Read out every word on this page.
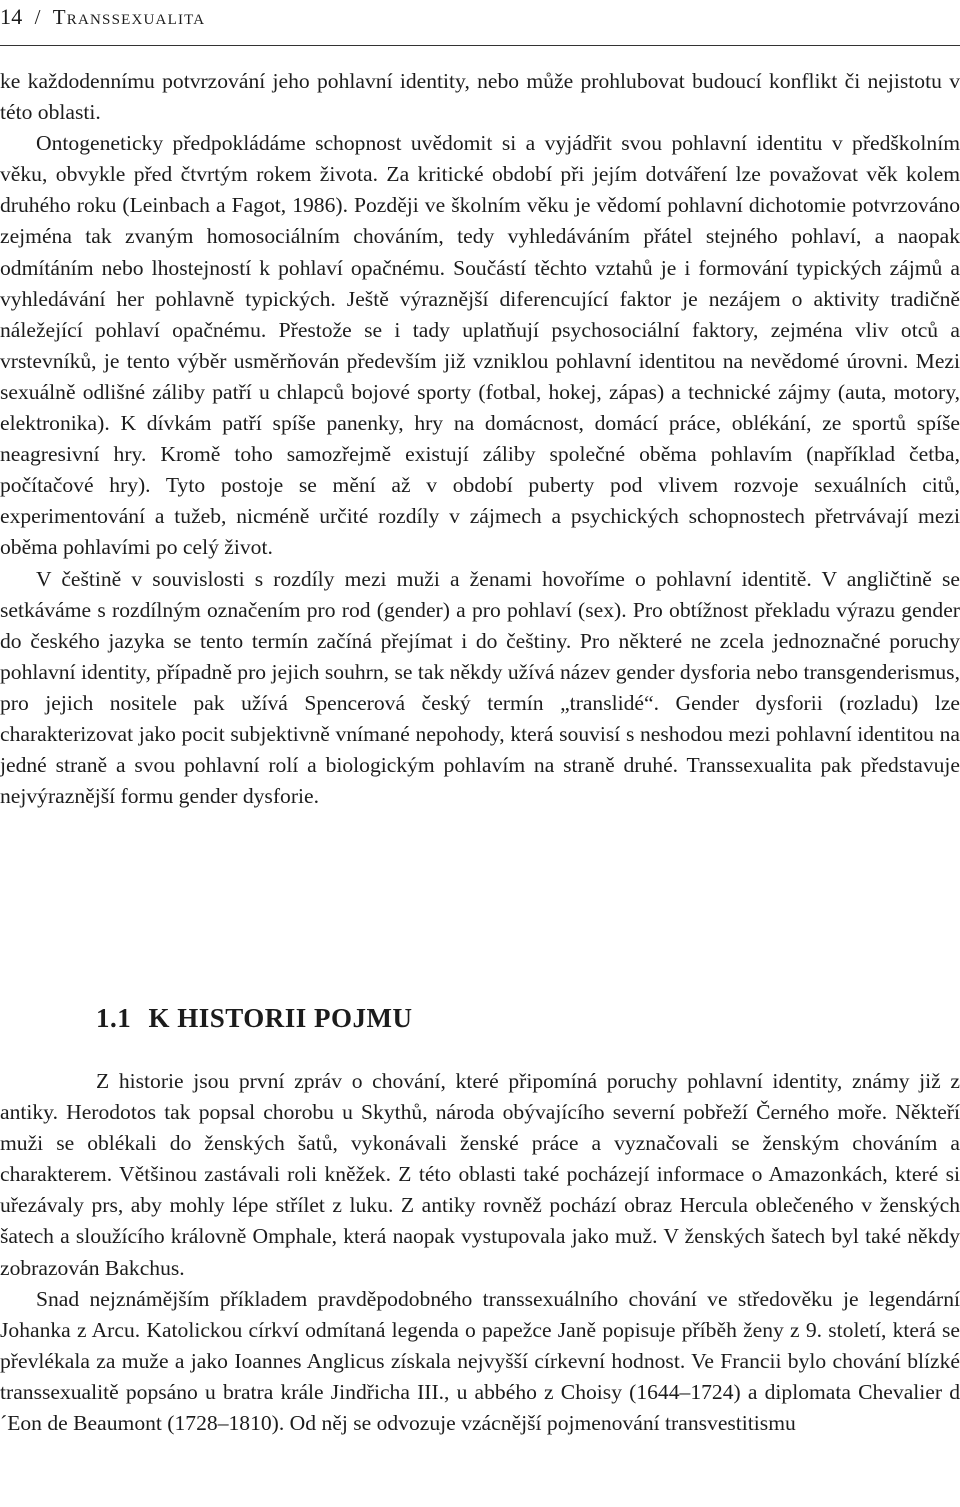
14 / Transsexualita

ke každodennímu potvrzování jeho pohlavní identity, nebo může prohlubovat budoucí konflikt či nejistotu v této oblasti.

Ontogeneticky předpokládáme schopnost uvědomit si a vyjádřit svou pohlavní identitu v předškolním věku, obvykle před čtvrtým rokem života. Za kritické období při jejím dotváření lze považovat věk kolem druhého roku (Leinbach a Fagot, 1986). Později ve školním věku je vědomí pohlavní dichotomie potvrzováno zejména tak zvaným homosociálním chováním, tedy vyhledáváním přátel stejného pohlaví, a naopak odmítáním nebo lhostejností k pohlaví opačnému. Součástí těchto vztahů je i formování typických zájmů a vyhledávání her pohlavně typických. Ještě výraznější diferencující faktor je nezájem o aktivity tradičně náležející pohlaví opačnému. Přestože se i tady uplatňují psychosociální faktory, zejména vliv otců a vrstevníků, je tento výběr usměrňován především již vzniklou pohlavní identitou na nevědomé úrovni. Mezi sexuálně odlišné záliby patří u chlapců bojové sporty (fotbal, hokej, zápas) a technické zájmy (auta, motory, elektronika). K dívkám patří spíše panenky, hry na domácnost, domácí práce, oblékání, ze sportů spíše neagresivní hry. Kromě toho samozřejmě existují záliby společné oběma pohlavím (například četba, počítačové hry). Tyto postoje se mění až v období puberty pod vlivem rozvoje sexuálních citů, experimentování a tužeb, nicméně určité rozdíly v zájmech a psychických schopnostech přetrvávají mezi oběma pohlavími po celý život.

V češtině v souvislosti s rozdíly mezi muži a ženami hovoříme o pohlavní identitě. V angličtině se setkáváme s rozdílným označením pro rod (gender) a pro pohlaví (sex). Pro obtížnost překladu výrazu gender do českého jazyka se tento termín začíná přejímat i do češtiny. Pro některé ne zcela jednoznačné poruchy pohlavní identity, případně pro jejich souhrn, se tak někdy užívá název gender dysforia nebo transgenderismus, pro jejich nositele pak užívá Spencerová český termín „translidé“. Gender dysforii (rozladu) lze charakterizovat jako pocit subjektivně vnímané nepohody, která souvisí s neshodou mezi pohlavní identitou na jedné straně a svou pohlavní rolí a biologickým pohlavím na straně druhé. Transsexualita pak představuje nejvýraznější formu gender dysforie.

1.1 K HISTORII POJMU

Z historie jsou první zpráv o chování, které připomíná poruchy pohlavní identity, známy již z antiky. Herodotos tak popsal chorobu u Skythů, národa obývajícího severní pobřeží Černého moře. Někteří muži se oblékali do ženských šatů, vykonávali ženské práce a vyznačovali se ženským chováním a charakterem. Většinou zastávali roli kněžek. Z této oblasti také pocházejí informace o Amazonkách, které si uřezávaly prs, aby mohly lépe střílet z luku. Z antiky rovněž pochází obraz Hercula oblečeného v ženských šatech a sloužícího královně Omphale, která naopak vystupovala jako muž. V ženských šatech byl také někdy zobrazován Bakchus.

Snad nejznámějším příkladem pravděpodobného transsexuálního chování ve středověku je legendární Johanka z Arcu. Katolickou církví odmítaná legenda o papežce Janě popisuje příběh ženy z 9. století, která se převlékala za muže a jako Ioannes Anglicus získala nejvyšší církevní hodnost. Ve Francii bylo chování blízké transsexualitě popsáno u bratra krále Jindřicha III., u abbého z Choisy (1644–1724) a diplomata Chevalier d´Eon de Beaumont (1728–1810). Od něj se odvozuje vzácnější pojmenování transvestitismu
